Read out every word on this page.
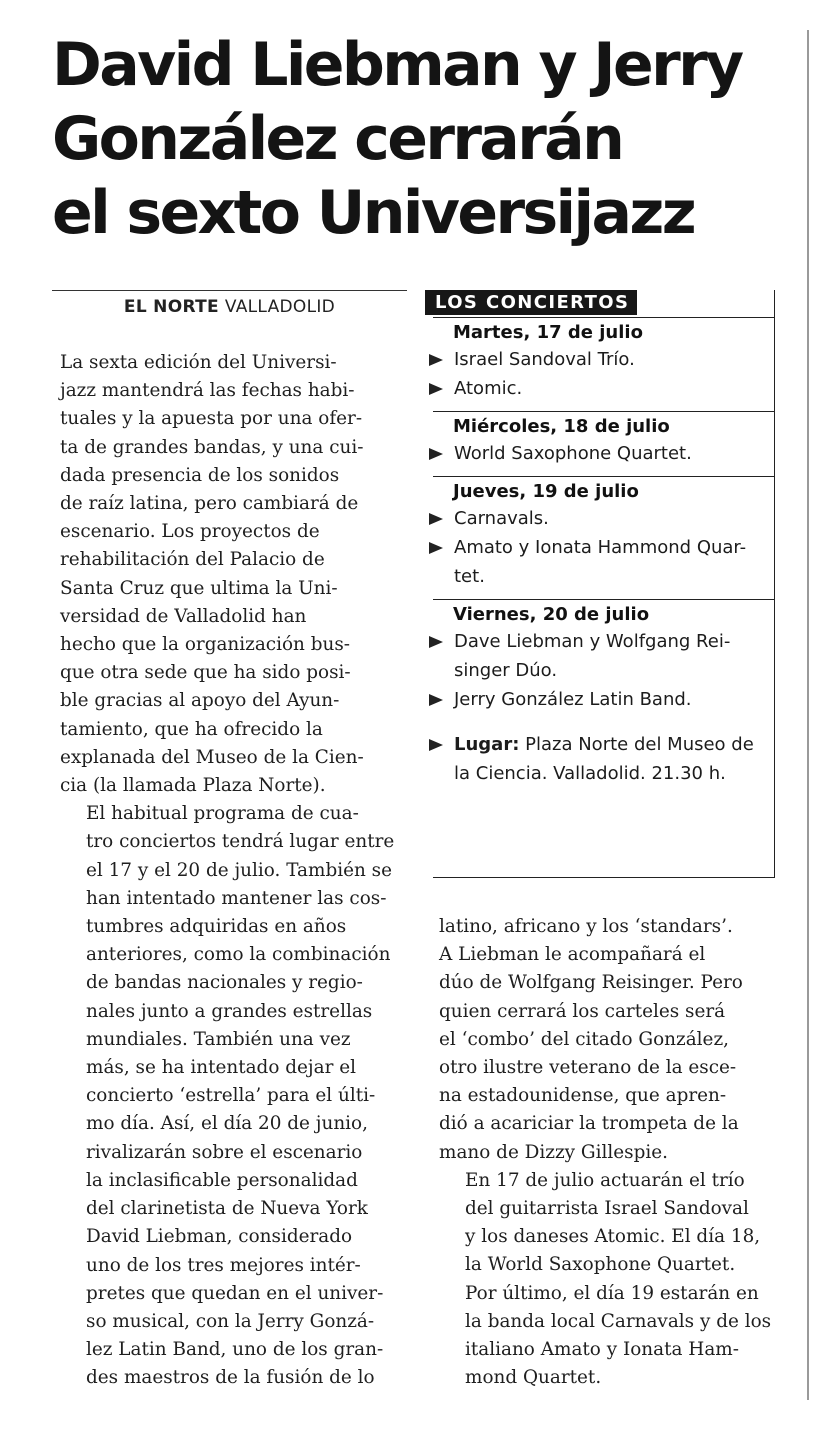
David Liebman y Jerry
González cerrarán
el sexto Universijazz
EL NORTE VALLADOLID

La sexta edición del Universi-
jazz mantendrá las fechas habi-
tuales y la apuesta por una ofer-
ta de grandes bandas, y una cui-
dada presencia de los sonidos
de raíz latina, pero cambiará de
escenario. Los proyectos de
rehabilitación del Palacio de
Santa Cruz que ultima la Uni-
versidad de Valladolid han
hecho que la organización bus-
que otra sede que ha sido posi-
ble gracias al apoyo del Ayun-
tamiento, que ha ofrecido la
explanada del Museo de la Cien-
cia (la llamada Plaza Norte).

El habitual programa de cua-
tro conciertos tendrá lugar entre
el 17 y el 20 de julio. También se
han intentado mantener las cos-
tumbres adquiridas en años
anteriores, como la combinación
de bandas nacionales y regio-
nales junto a grandes estrellas
mundiales. También una vez
más, se ha intentado dejar el
concierto ‘estrella’ para el últi-
mo día. Así, el día 20 de junio,
rivalizarán sobre el escenario
la inclasificable personalidad
del clarinetista de Nueva York
David Liebman, considerado
uno de los tres mejores intér-
pretes que quedan en el univer-
so musical, con la Jerry Gonzá-
lez Latin Band, uno de los gran-
des maestros de la fusión de lo

LOS CONCIERTOS
Martes, 17 de julio
Israel Sandoval Trío.
Atomic.
Miércoles, 18 de julio
World Saxophone Quartet.
Jueves, 19 de julio
Carnavals.
Amato y Ionata Hammond Quar-
tet.
Viernes, 20 de julio
Dave Liebman y Wolfgang Rei-
singer Dúo.
Jerry González Latin Band.
Lugar: Plaza Norte del Museo de
la Ciencia. Valladolid. 21.30 h.

latino, africano y los ‘standars’.
A Liebman le acompañará el
dúo de Wolfgang Reisinger. Pero
quien cerrará los carteles será
el ‘combo’ del citado González,
otro ilustre veterano de la esce-
na estadounidense, que apren-
dió a acariciar la trompeta de la
mano de Dizzy Gillespie.

En 17 de julio actuarán el trío
del guitarrista Israel Sandoval
y los daneses Atomic. El día 18,
la World Saxophone Quartet.
Por último, el día 19 estarán en
la banda local Carnavals y de los
italiano Amato y Ionata Ham-
mond Quartet.
